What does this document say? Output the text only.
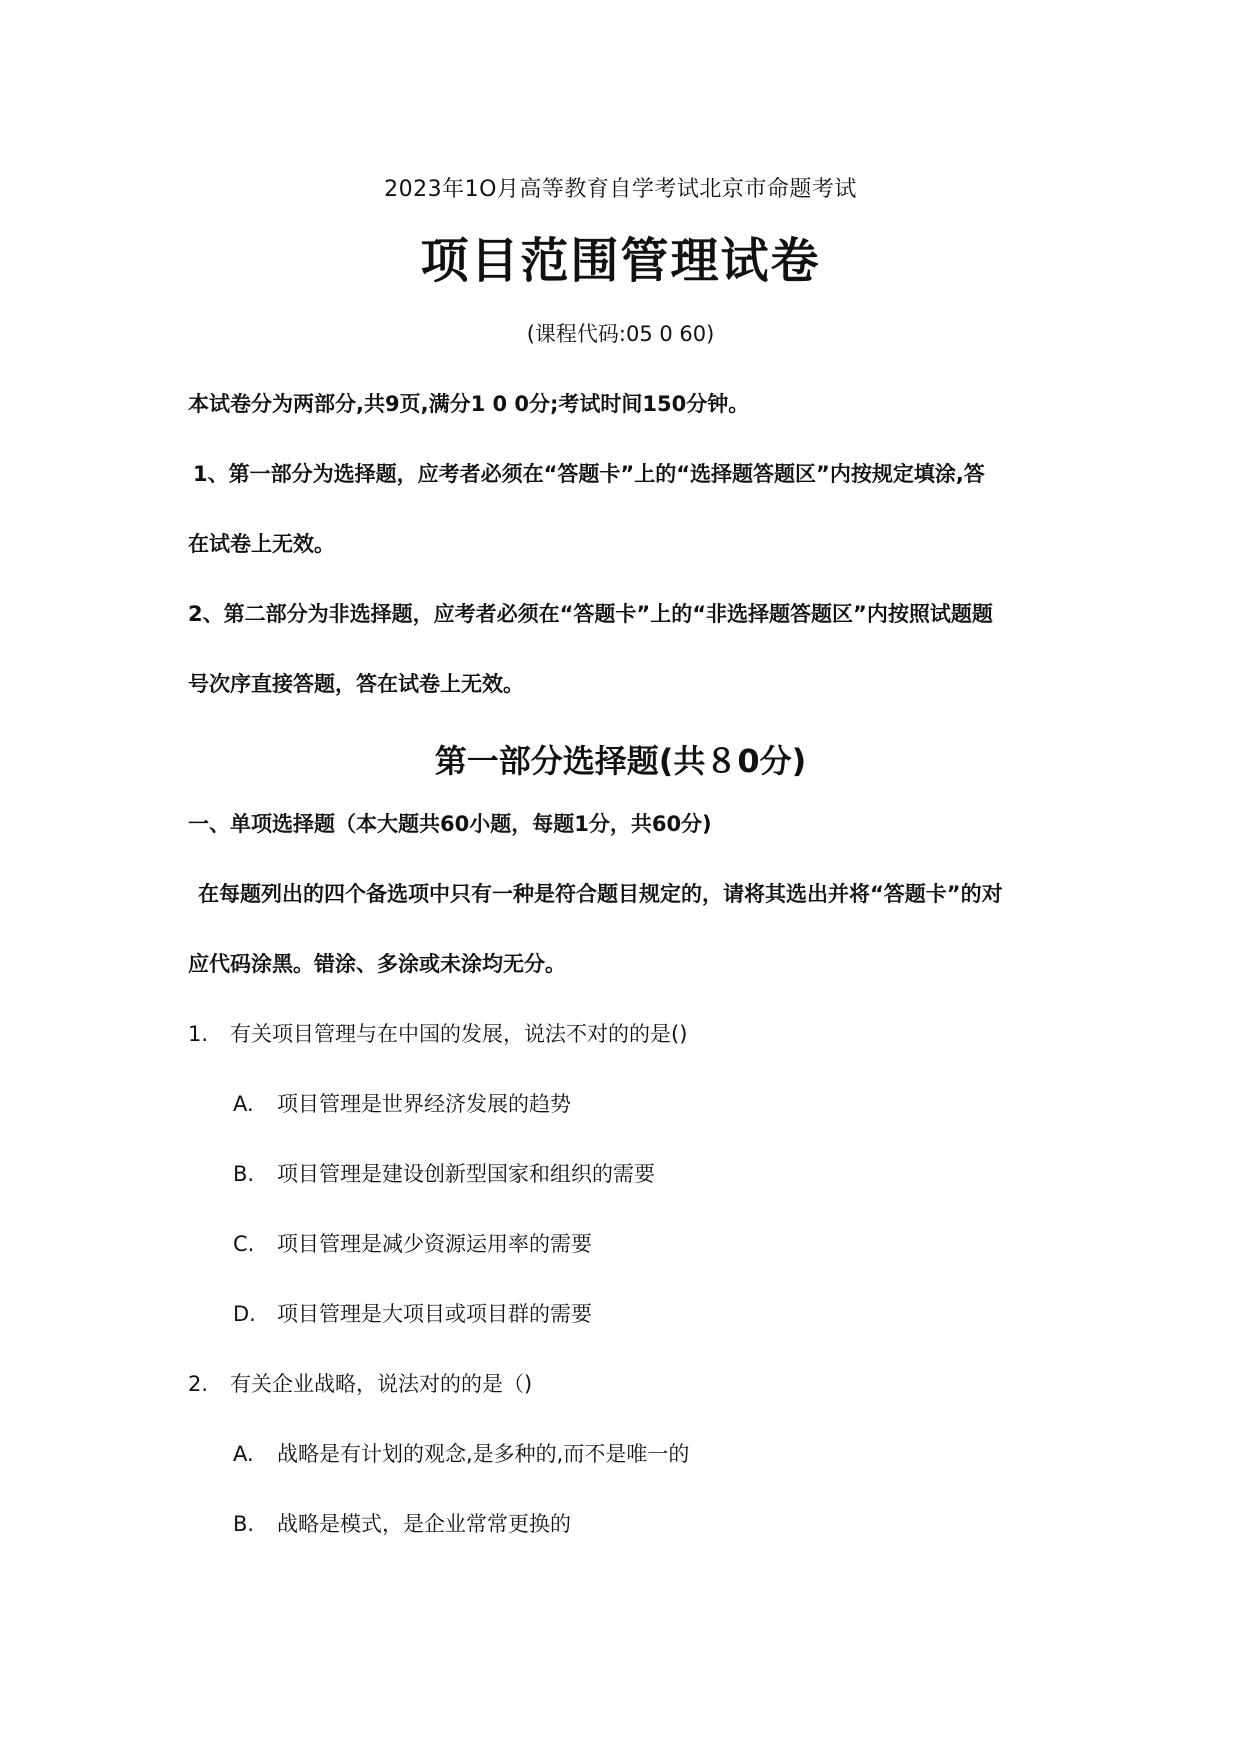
2023年1O月高等教育自学考试北京市命题考试
项目范围管理试卷
(课程代码:05 0 60)
本试卷分为两部分,共9页,满分1 0 0分;考试时间150分钟。
1、第一部分为选择题，应考者必须在“答题卡”上的“选择题答题区”内按规定填涂,答
在试卷上无效。
2、第二部分为非选择题，应考者必须在“答题卡”上的“非选择题答题区”内按照试题题
号次序直接答题，答在试卷上无效。
第一部分选择题(共８0分)
一、单项选择题（本大题共60小题，每题1分，共60分)
在每题列出的四个备选项中只有一种是符合题目规定的，请将其选出并将“答题卡”的对
应代码涂黑。错涂、多涂或未涂均无分。
1. 有关项目管理与在中国的发展，说法不对的的是()
A. 项目管理是世界经济发展的趋势
B. 项目管理是建设创新型国家和组织的需要
C. 项目管理是减少资源运用率的需要
D. 项目管理是大项目或项目群的需要
2. 有关企业战略，说法对的的是（)
A. 战略是有计划的观念,是多种的,而不是唯一的
B. 战略是模式，是企业常常更换的
